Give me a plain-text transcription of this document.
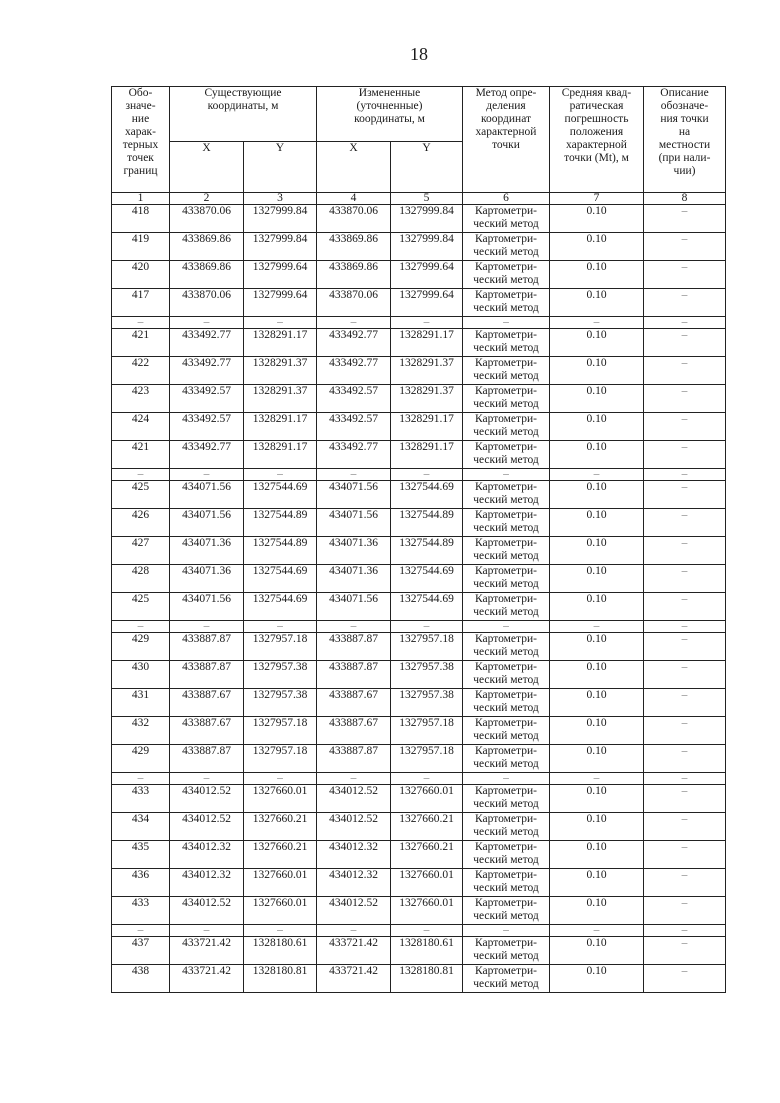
18
Обо-
значе-
ние
харак-
терных
точек
границ	Существующие
координаты, м	Измененные
(уточненные)
координаты, м	Метод опре-
деления
координат
характерной
точки	Средняя квад-
ратическая
погрешность
положения
характерной
точки (Mt), м	Описание
обозначе-
ния точки
на
местности
(при нали-
чии)
	X	Y	X	Y			
1	2	3	4	5	6	7	8
418	433870.06	1327999.84	433870.06	1327999.84	Картометри-
ческий метод	0.10	–
419	433869.86	1327999.84	433869.86	1327999.84	Картометри-
ческий метод	0.10	–
420	433869.86	1327999.64	433869.86	1327999.64	Картометри-
ческий метод	0.10	–
417	433870.06	1327999.64	433870.06	1327999.64	Картометри-
ческий метод	0.10	–
–	–	–	–	–	–	–	–
421	433492.77	1328291.17	433492.77	1328291.17	Картометри-
ческий метод	0.10	–
422	433492.77	1328291.37	433492.77	1328291.37	Картометри-
ческий метод	0.10	–
423	433492.57	1328291.37	433492.57	1328291.37	Картометри-
ческий метод	0.10	–
424	433492.57	1328291.17	433492.57	1328291.17	Картометри-
ческий метод	0.10	–
421	433492.77	1328291.17	433492.77	1328291.17	Картометри-
ческий метод	0.10	–
–	–	–	–	–	–	–	–
425	434071.56	1327544.69	434071.56	1327544.69	Картометри-
ческий метод	0.10	–
426	434071.56	1327544.89	434071.56	1327544.89	Картометри-
ческий метод	0.10	–
427	434071.36	1327544.89	434071.36	1327544.89	Картометри-
ческий метод	0.10	–
428	434071.36	1327544.69	434071.36	1327544.69	Картометри-
ческий метод	0.10	–
425	434071.56	1327544.69	434071.56	1327544.69	Картометри-
ческий метод	0.10	–
–	–	–	–	–	–	–	–
429	433887.87	1327957.18	433887.87	1327957.18	Картометри-
ческий метод	0.10	–
430	433887.87	1327957.38	433887.87	1327957.38	Картометри-
ческий метод	0.10	–
431	433887.67	1327957.38	433887.67	1327957.38	Картометри-
ческий метод	0.10	–
432	433887.67	1327957.18	433887.67	1327957.18	Картометри-
ческий метод	0.10	–
429	433887.87	1327957.18	433887.87	1327957.18	Картометри-
ческий метод	0.10	–
–	–	–	–	–	–	–	–
433	434012.52	1327660.01	434012.52	1327660.01	Картометри-
ческий метод	0.10	–
434	434012.52	1327660.21	434012.52	1327660.21	Картометри-
ческий метод	0.10	–
435	434012.32	1327660.21	434012.32	1327660.21	Картометри-
ческий метод	0.10	–
436	434012.32	1327660.01	434012.32	1327660.01	Картометри-
ческий метод	0.10	–
433	434012.52	1327660.01	434012.52	1327660.01	Картометри-
ческий метод	0.10	–
–	–	–	–	–	–	–	–
437	433721.42	1328180.61	433721.42	1328180.61	Картометри-
ческий метод	0.10	–
438	433721.42	1328180.81	433721.42	1328180.81	Картометри-
ческий метод	0.10	–
